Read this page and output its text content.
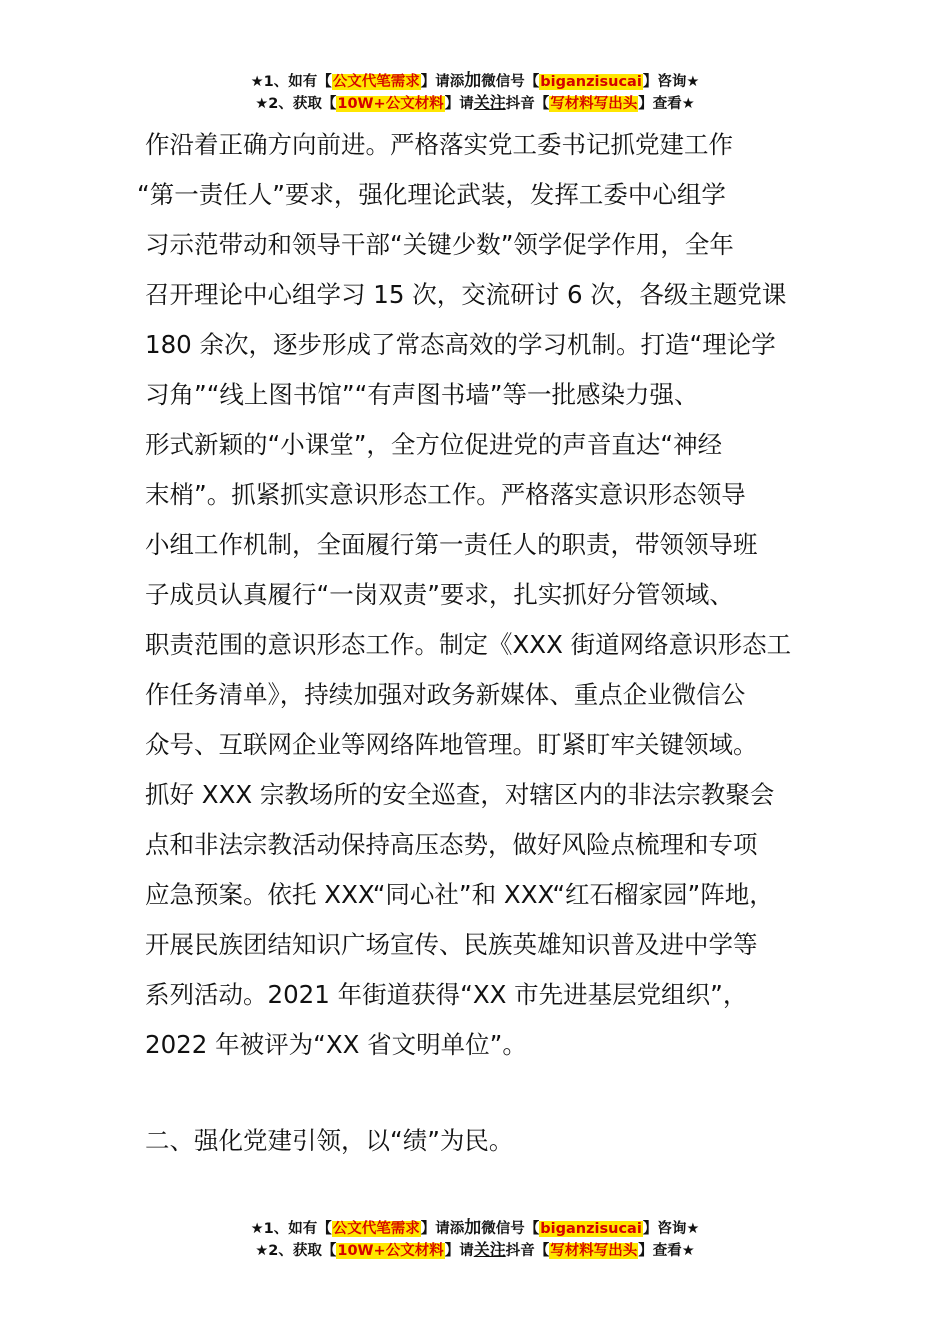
★1、如有【公文代笔需求】请添加微信号【biganzisucai】咨询★
★2、获取【10W+公文材料】请关注抖音【写材料写出头】查看★
作沿着正确方向前进。严格落实党工委书记抓党建工作
“第一责任人”要求，强化理论武装，发挥工委中心组学
习示范带动和领导干部“关键少数”领学促学作用，全年
召开理论中心组学习 15 次，交流研讨 6 次，各级主题党课
180 余次，逐步形成了常态高效的学习机制。打造“理论学
习角”“线上图书馆”“有声图书墙”等一批感染力强、
形式新颖的“小课堂”，全方位促进党的声音直达“神经
末梢”。抓紧抓实意识形态工作。严格落实意识形态领导
小组工作机制，全面履行第一责任人的职责，带领领导班
子成员认真履行“一岗双责”要求，扎实抓好分管领域、
职责范围的意识形态工作。制定《XXX 街道网络意识形态工
作任务清单》，持续加强对政务新媒体、重点企业微信公
众号、互联网企业等网络阵地管理。盯紧盯牢关键领域。
抓好 XXX 宗教场所的安全巡查，对辖区内的非法宗教聚会
点和非法宗教活动保持高压态势，做好风险点梳理和专项
应急预案。依托 XXX“同心社”和 XXX“红石榴家园”阵地，
开展民族团结知识广场宣传、民族英雄知识普及进中学等
系列活动。2021 年街道获得“XX 市先进基层党组织”，
2022 年被评为“XX 省文明单位”。
二、强化党建引领，以“绩”为民。
★1、如有【公文代笔需求】请添加微信号【biganzisucai】咨询★
★2、获取【10W+公文材料】请关注抖音【写材料写出头】查看★
